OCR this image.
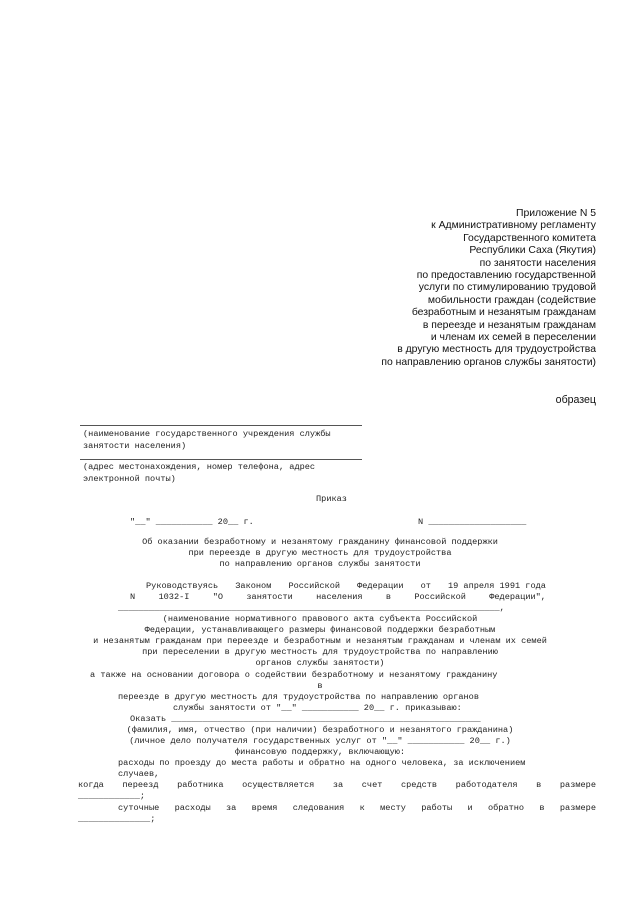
Приложение N 5
к Административному регламенту
Государственного комитета
Республики Саха (Якутия)
по занятости населения
по предоставлению государственной
услуги по стимулированию трудовой
мобильности граждан (содействие
безработным и незанятым гражданам
в переезде и незанятым гражданам
и членам их семей в переселении
в другую местность для трудоустройства
по направлению органов службы занятости)
образец
(наименование государственного учреждения службы
занятости населения)
(адрес местонахождения, номер телефона, адрес
электронной почты)
Приказ
"__" ___________ 20__ г.	N ___________________
Об оказании безработному и незанятому гражданину финансовой поддержки
при переезде в другую местность для трудоустройства
по направлению органов службы занятости
Руководствуясь Законом Российской Федерации от 19 апреля 1991 года
N	1032-I	"О	занятости	населения	в	Российской	Федерации",
__________________________________________________________________________,
(наименование нормативного правового акта субъекта Российской
Федерации, устанавливающего размеры финансовой поддержки безработным
и незанятым гражданам при переезде и безработным и незанятым гражданам и членам их семей
при переселении в другую местность для трудоустройства по направлению
органов службы занятости)
а также на основании договора о содействии безработному и незанятому гражданину
в
переезде в другую местность для трудоустройства по направлению органов
службы занятости от "__" ___________ 20__ г. приказываю:
Оказать ____________________________________________________________
(фамилия, имя, отчество (при наличии) безработного и незанятого гражданина)
(личное дело получателя государственных услуг от "__" ___________ 20__ г.)
финансовую поддержку, включающую:
расходы по проезду до места работы и обратно на одного человека, за исключением
случаев,
когда переезд работника осуществляется за счет средств работодателя в размере
____________;
суточные расходы за время следования к месту работы и обратно в размере
______________;
